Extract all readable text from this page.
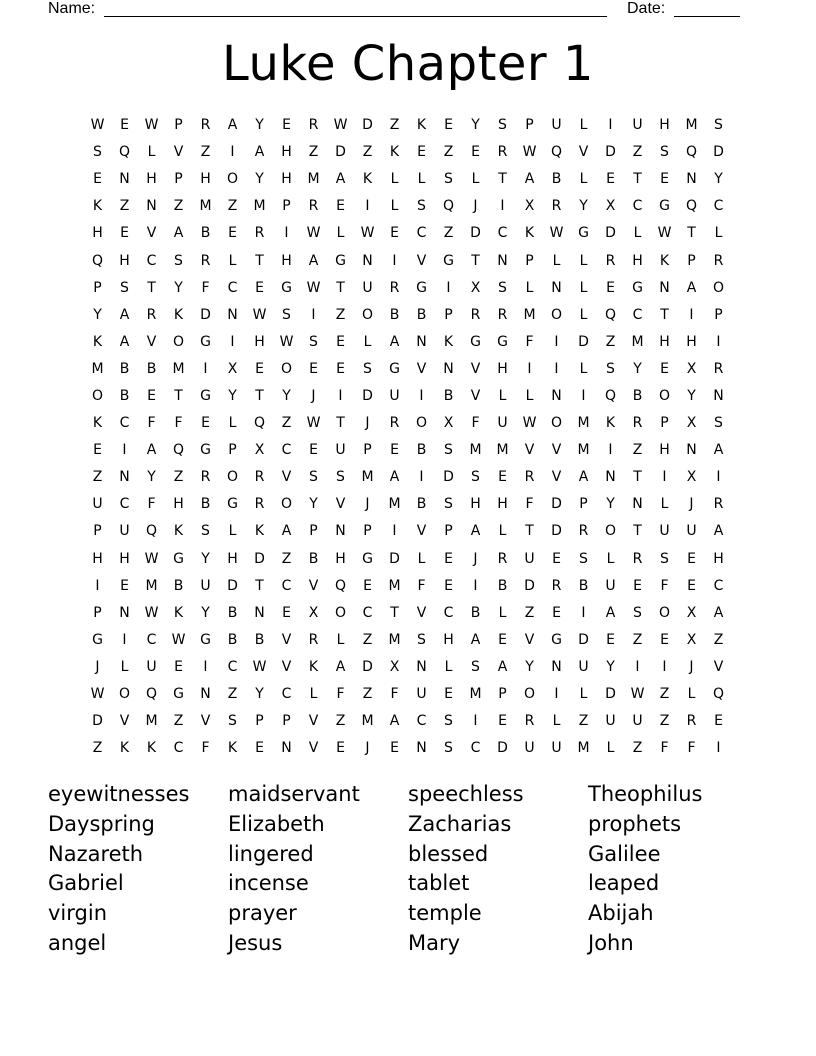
Name:	Date:
Luke Chapter 1
W	E	W	P	R	A	Y	E	R	W	D	Z	K	E	Y	S	P	U	L	I	U	H	M	S
S	Q	L	V	Z	I	A	H	Z	D	Z	K	E	Z	E	R	W	Q	V	D	Z	S	Q	D
E	N	H	P	H	O	Y	H	M	A	K	L	L	S	L	T	A	B	L	E	T	E	N	Y
K	Z	N	Z	M	Z	M	P	R	E	I	L	S	Q	J	I	X	R	Y	X	C	G	Q	C
H	E	V	A	B	E	R	I	W	L	W	E	C	Z	D	C	K	W	G	D	L	W	T	L
Q	H	C	S	R	L	T	H	A	G	N	I	V	G	T	N	P	L	L	R	H	K	P	R
P	S	T	Y	F	C	E	G	W	T	U	R	G	I	X	S	L	N	L	E	G	N	A	O
Y	A	R	K	D	N	W	S	I	Z	O	B	B	P	R	R	M	O	L	Q	C	T	I	P
K	A	V	O	G	I	H	W	S	E	L	A	N	K	G	G	F	I	D	Z	M	H	H	I
M	B	B	M	I	X	E	O	E	E	S	G	V	N	V	H	I	I	L	S	Y	E	X	R
O	B	E	T	G	Y	T	Y	J	I	D	U	I	B	V	L	L	N	I	Q	B	O	Y	N
K	C	F	F	E	L	Q	Z	W	T	J	R	O	X	F	U	W	O	M	K	R	P	X	S
E	I	A	Q	G	P	X	C	E	U	P	E	B	S	M	M	V	V	M	I	Z	H	N	A
Z	N	Y	Z	R	O	R	V	S	S	M	A	I	D	S	E	R	V	A	N	T	I	X	I
U	C	F	H	B	G	R	O	Y	V	J	M	B	S	H	H	F	D	P	Y	N	L	J	R
P	U	Q	K	S	L	K	A	P	N	P	I	V	P	A	L	T	D	R	O	T	U	U	A
H	H	W	G	Y	H	D	Z	B	H	G	D	L	E	J	R	U	E	S	L	R	S	E	H
I	E	M	B	U	D	T	C	V	Q	E	M	F	E	I	B	D	R	B	U	E	F	E	C
P	N	W	K	Y	B	N	E	X	O	C	T	V	C	B	L	Z	E	I	A	S	O	X	A
G	I	C	W	G	B	B	V	R	L	Z	M	S	H	A	E	V	G	D	E	Z	E	X	Z
J	L	U	E	I	C	W	V	K	A	D	X	N	L	S	A	Y	N	U	Y	I	I	J	V
W	O	Q	G	N	Z	Y	C	L	F	Z	F	U	E	M	P	O	I	L	D	W	Z	L	Q
D	V	M	Z	V	S	P	P	V	Z	M	A	C	S	I	E	R	L	Z	U	U	Z	R	E
Z	K	K	C	F	K	E	N	V	E	J	E	N	S	C	D	U	U	M	L	Z	F	F	I
eyewitnesses	maidservant	speechless	Theophilus
Dayspring	Elizabeth	Zacharias	prophets
Nazareth	lingered	blessed	Galilee
Gabriel	incense	tablet	leaped
virgin	prayer	temple	Abijah
angel	Jesus	Mary	John
